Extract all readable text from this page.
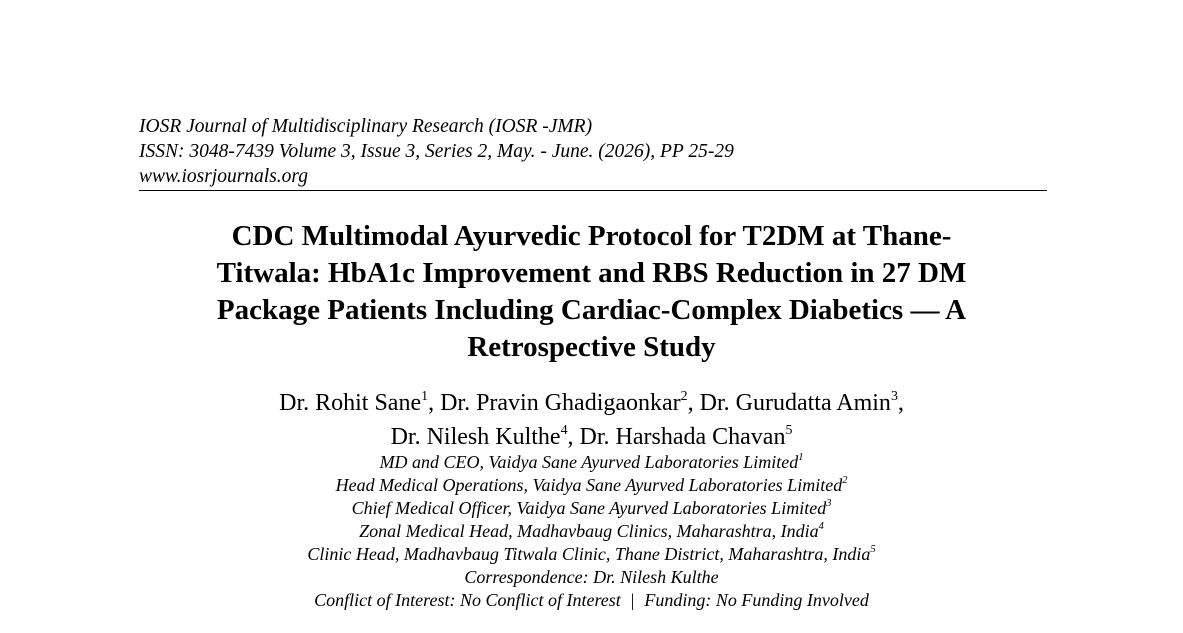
IOSR Journal of Multidisciplinary Research (IOSR -JMR)
ISSN: 3048-7439 Volume 3, Issue 3, Series 2, May. - June. (2026), PP 25-29
www.iosrjournals.org
CDC Multimodal Ayurvedic Protocol for T2DM at Thane-
Titwala: HbA1c Improvement and RBS Reduction in 27 DM
Package Patients Including Cardiac-Complex Diabetics — A
Retrospective Study
Dr. Rohit Sane$^1$, Dr. Pravin Ghadigaonkar$^2$, Dr. Gurudatta Amin$^3$,
Dr. Nilesh Kulthe$^4$, Dr. Harshada Chavan$^5$
MD and CEO, Vaidya Sane Ayurved Laboratories Limited$^1$
Head Medical Operations, Vaidya Sane Ayurved Laboratories Limited$^2$
Chief Medical Officer, Vaidya Sane Ayurved Laboratories Limited$^3$
Zonal Medical Head, Madhavbaug Clinics, Maharashtra, India$^4$
Clinic Head, Madhavbaug Titwala Clinic, Thane District, Maharashtra, India$^5$
Correspondence: Dr. Nilesh Kulthe
Conflict of Interest: No Conflict of Interest | Funding: No Funding Involved
